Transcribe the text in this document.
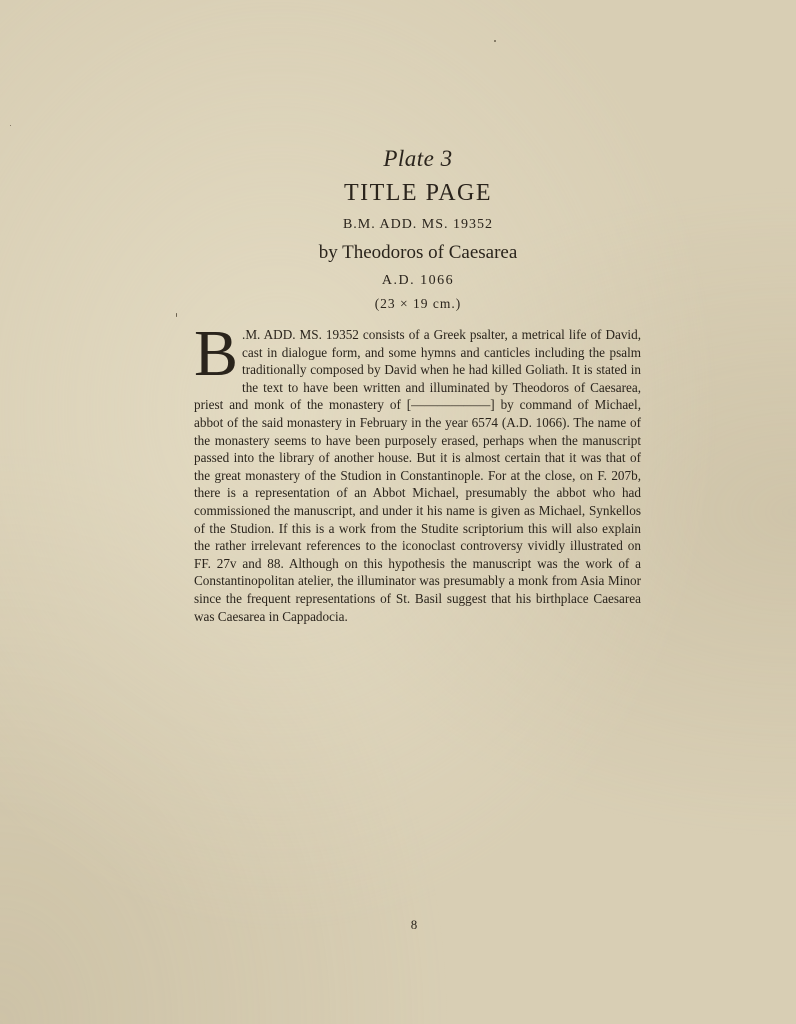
Plate 3
TITLE PAGE
B.M. ADD. MS. 19352
by Theodoros of Caesarea
A.D. 1066
(23 × 19 cm.)
B .M. ADD. MS. 19352 consists of a Greek psalter, a metrical life of David, cast in dialogue form, and some hymns and canticles including the psalm traditionally composed by David when he had killed Goliath. It is stated in the text to have been written and illuminated by Theodoros of Caesarea, priest and monk of the monastery of [——————] by command of Michael, abbot of the said monastery in February in the year 6574 (A.D. 1066). The name of the monastery seems to have been purposely erased, perhaps when the manuscript passed into the library of another house. But it is almost certain that it was that of the great monastery of the Studion in Constantinople. For at the close, on F. 207b, there is a representation of an Abbot Michael, presumably the abbot who had commissioned the manuscript, and under it his name is given as Michael, Synkellos of the Studion. If this is a work from the Studite scriptorium this will also explain the rather irrelevant references to the iconoclast controversy vividly illustrated on FF. 27v and 88. Although on this hypothesis the manuscript was the work of a Constantinopolitan atelier, the illuminator was presumably a monk from Asia Minor since the frequent representations of St. Basil suggest that his birthplace Caesarea was Caesarea in Cappadocia.

8
